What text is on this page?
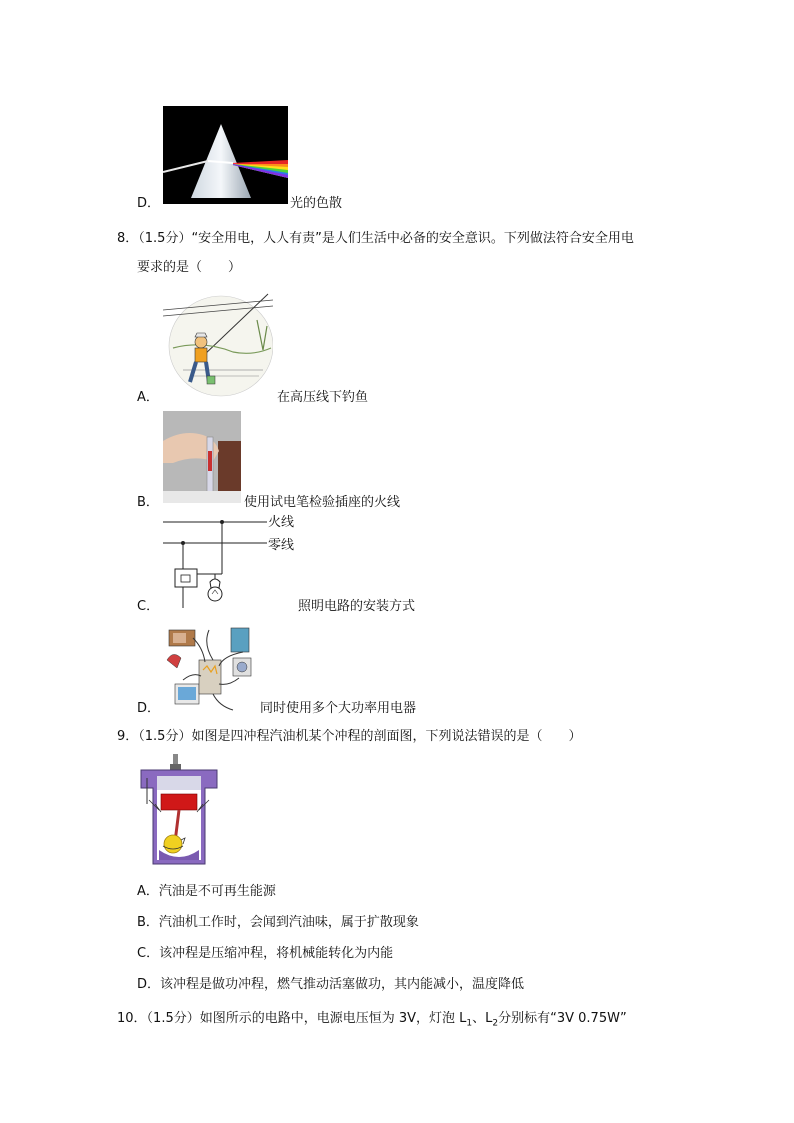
D．	光的色散
8．（1.5分）“安全用电，人人有责”是人们生活中必备的安全意识。下列做法符合安全用电
要求的是（　　）
A．	在高压线下钓鱼
B．	使用试电笔检验插座的火线
火线
零线
C．	照明电路的安装方式
D．	同时使用多个大功率用电器
9．（1.5分）如图是四冲程汽油机某个冲程的剖面图，下列说法错误的是（　　）
A．汽油是不可再生能源
B．汽油机工作时，会闻到汽油味，属于扩散现象
C．该冲程是压缩冲程，将机械能转化为内能
D．该冲程是做功冲程，燃气推动活塞做功，其内能减小，温度降低
10．（1.5分）如图所示的电路中，电源电压恒为 3V，灯泡 $L_1$、$L_2$分别标有“3V 0.75W”
